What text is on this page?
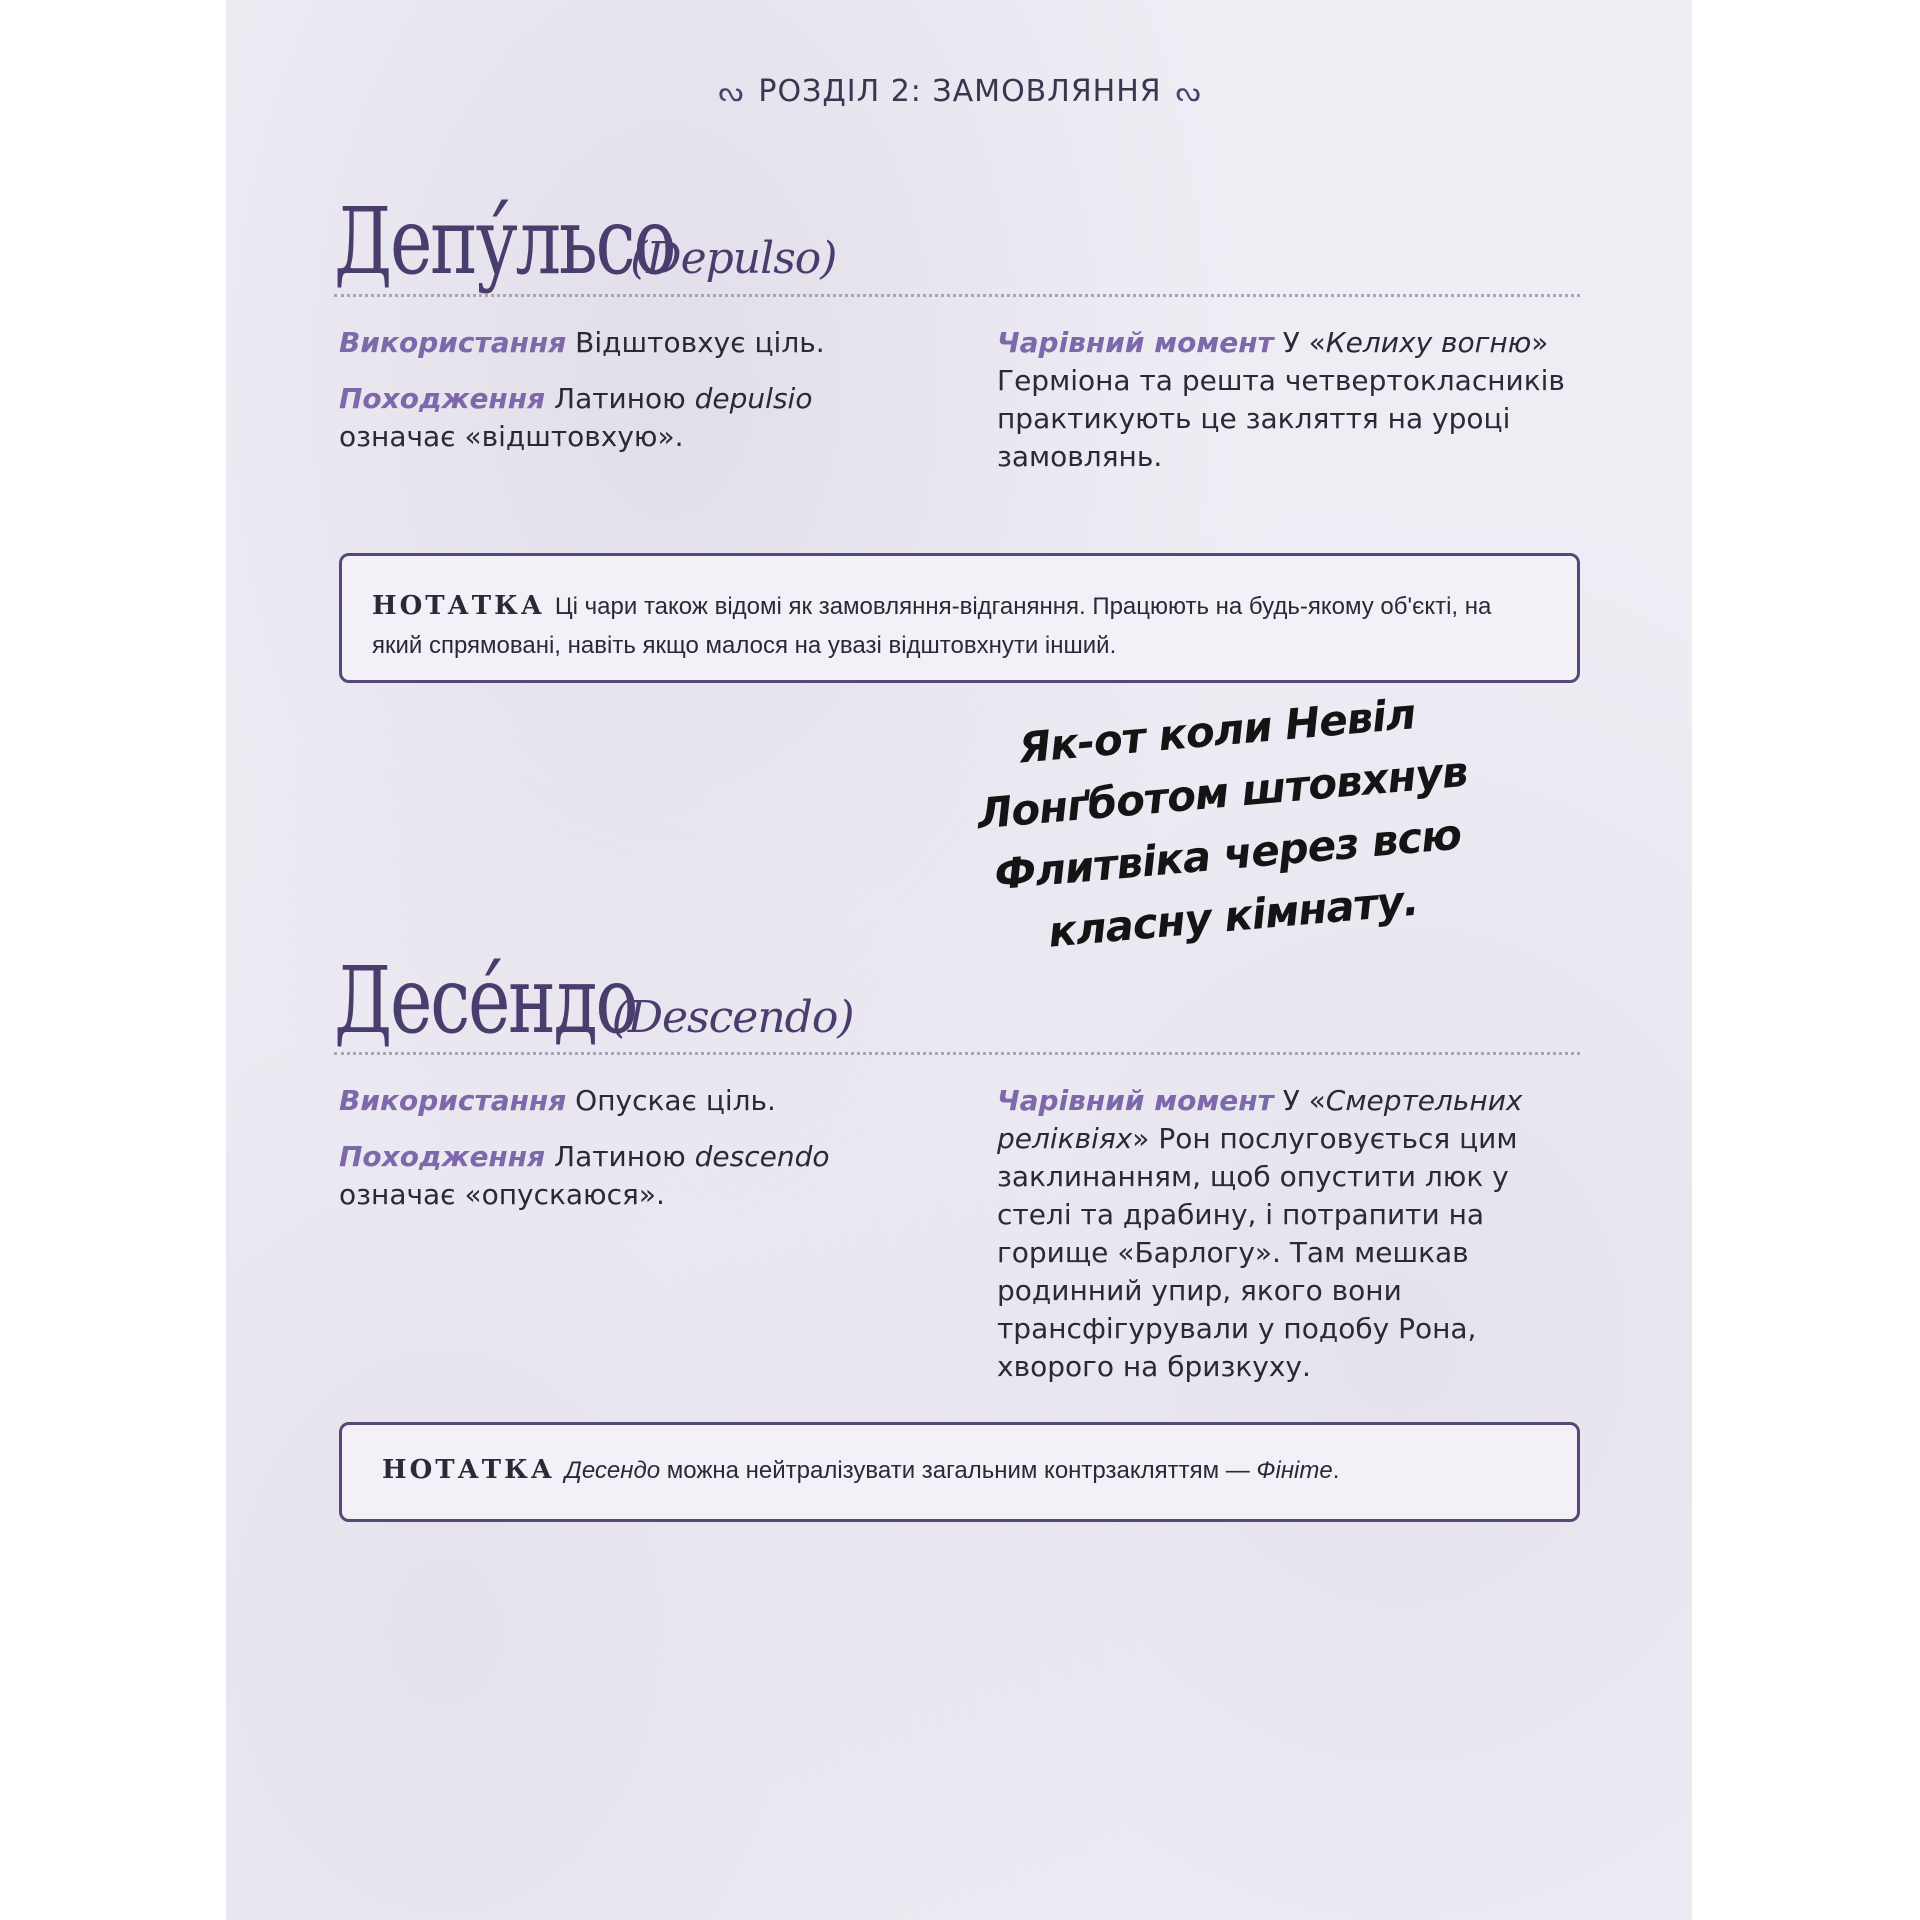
ᔓ РОЗДІЛ 2: ЗАМОВЛЯННЯ ᔓ
Депу́льсо(Depulso)
Використання Відштовхує ціль.
Походження Латиною depulsio
означає «відштовхую».
Чарівний момент У «Келиху вогню» Герміона та решта четвертокласників практикують це закляття на уроці замовлянь.
НОТАТКА Ці чари також відомі як замовляння-відганяння. Працюють на будь-якому об'єкті, на який спрямовані, навіть якщо малося на увазі відштовхнути інший.
Як-от коли Невіл Лонґботом штовхнув Флитвіка через всю класну кімнату.
Десе́ндо(Descendo)
Використання Опускає ціль.
Походження Латиною descendo
означає «опускаюся».
Чарівний момент У «Смертельних реліквіях» Рон послуговується цим заклинанням, щоб опустити люк у стелі та драбину, і потрапити на горище «Барлогу». Там мешкав родинний упир, якого вони трансфігурували у подобу Рона, хворого на бризкуху.
НОТАТКА Десендо можна нейтралізувати загальним контрзакляттям — Фініте.
